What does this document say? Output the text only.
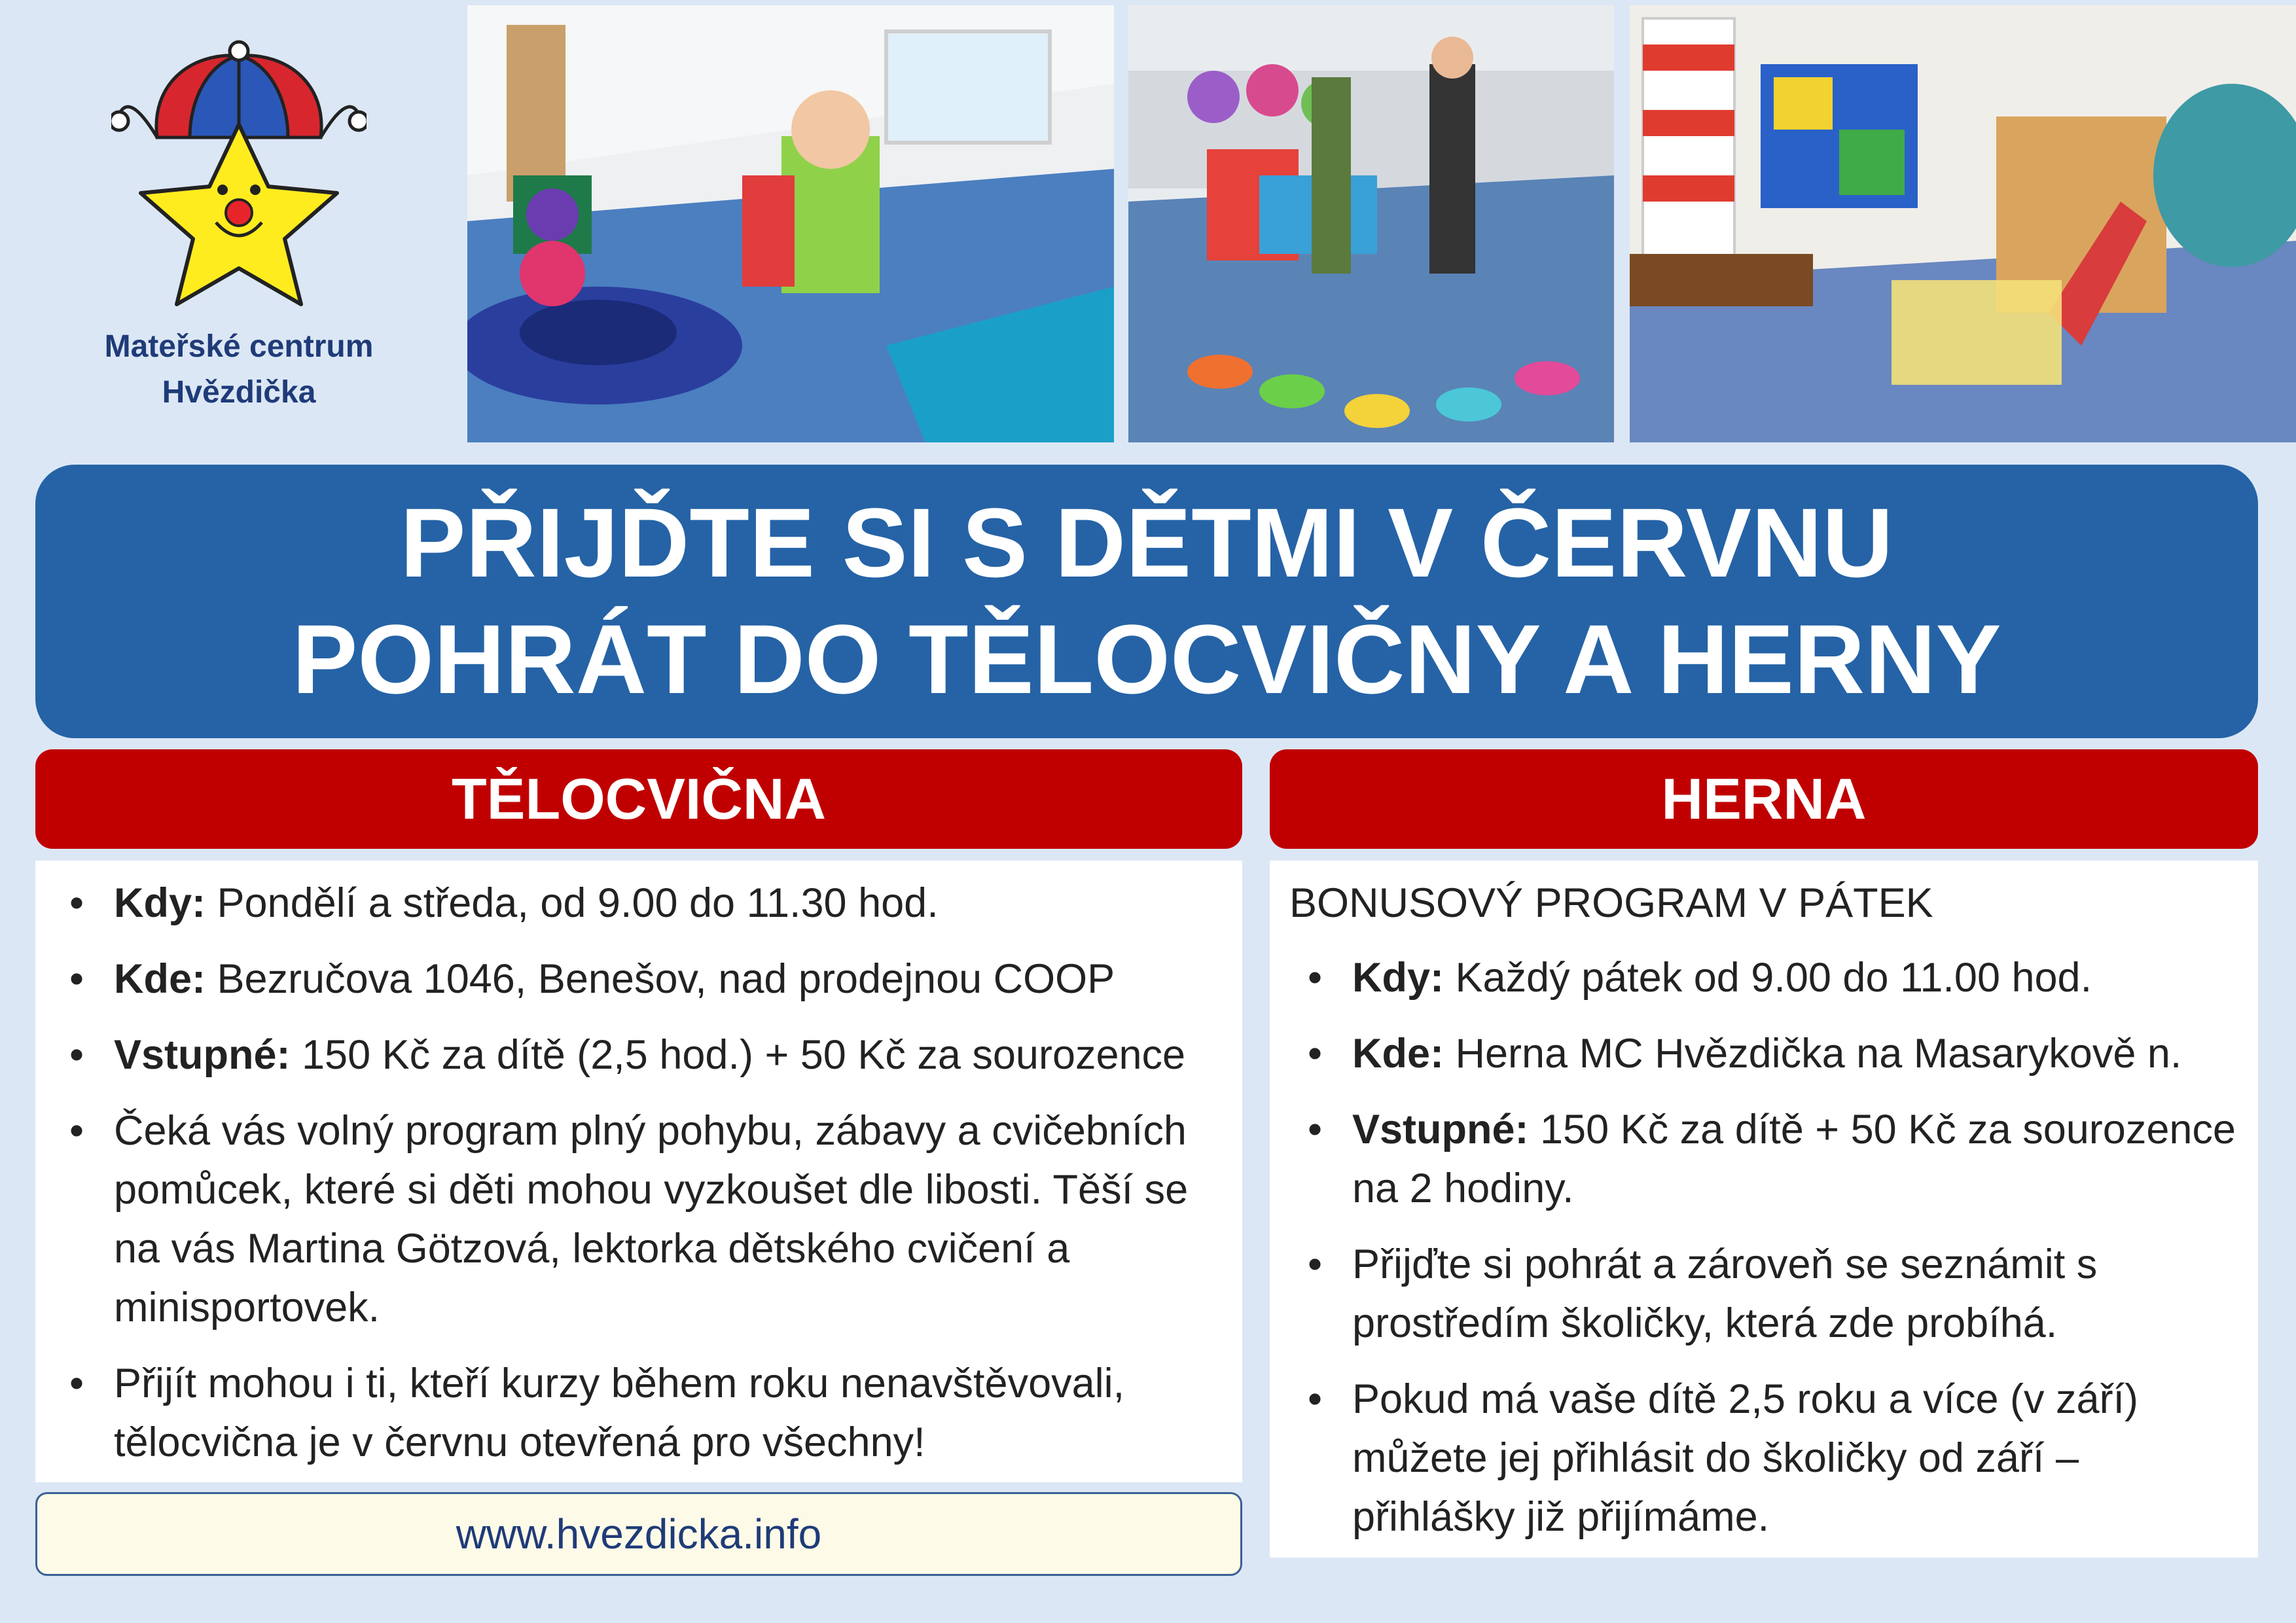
Mateřské centrum
Hvězdička
PŘIJĎTE SI S DĚTMI V ČERVNU
POHRÁT DO TĚLOCVIČNY A HERNY
TĚLOCVIČNA	HERNA
• Kdy: Pondělí a středa, od 9.00 do 11.30 hod.
• Kde: Bezručova 1046, Benešov, nad prodejnou COOP
• Vstupné: 150 Kč za dítě (2,5 hod.) + 50 Kč za sourozence
• Čeká vás volný program plný pohybu, zábavy a cvičebních pomůcek, které si děti mohou vyzkoušet dle libosti. Těší se na vás Martina Götzová, lektorka dětského cvičení a minisportovek.
• Přijít mohou i ti, kteří kurzy během roku nenavštěvovali, tělocvična je v červnu otevřená pro všechny!
BONUSOVÝ PROGRAM V PÁTEK
• Kdy: Každý pátek od 9.00 do 11.00 hod.
• Kde: Herna MC Hvězdička na Masarykově n.
• Vstupné: 150 Kč za dítě + 50 Kč za sourozence na 2 hodiny.
• Přijďte si pohrát a zároveň se seznámit s prostředím školičky, která zde probíhá.
• Pokud má vaše dítě 2,5 roku a více (v září) můžete jej přihlásit do školičky od září – přihlášky již přijímáme.
www.hvezdicka.info
